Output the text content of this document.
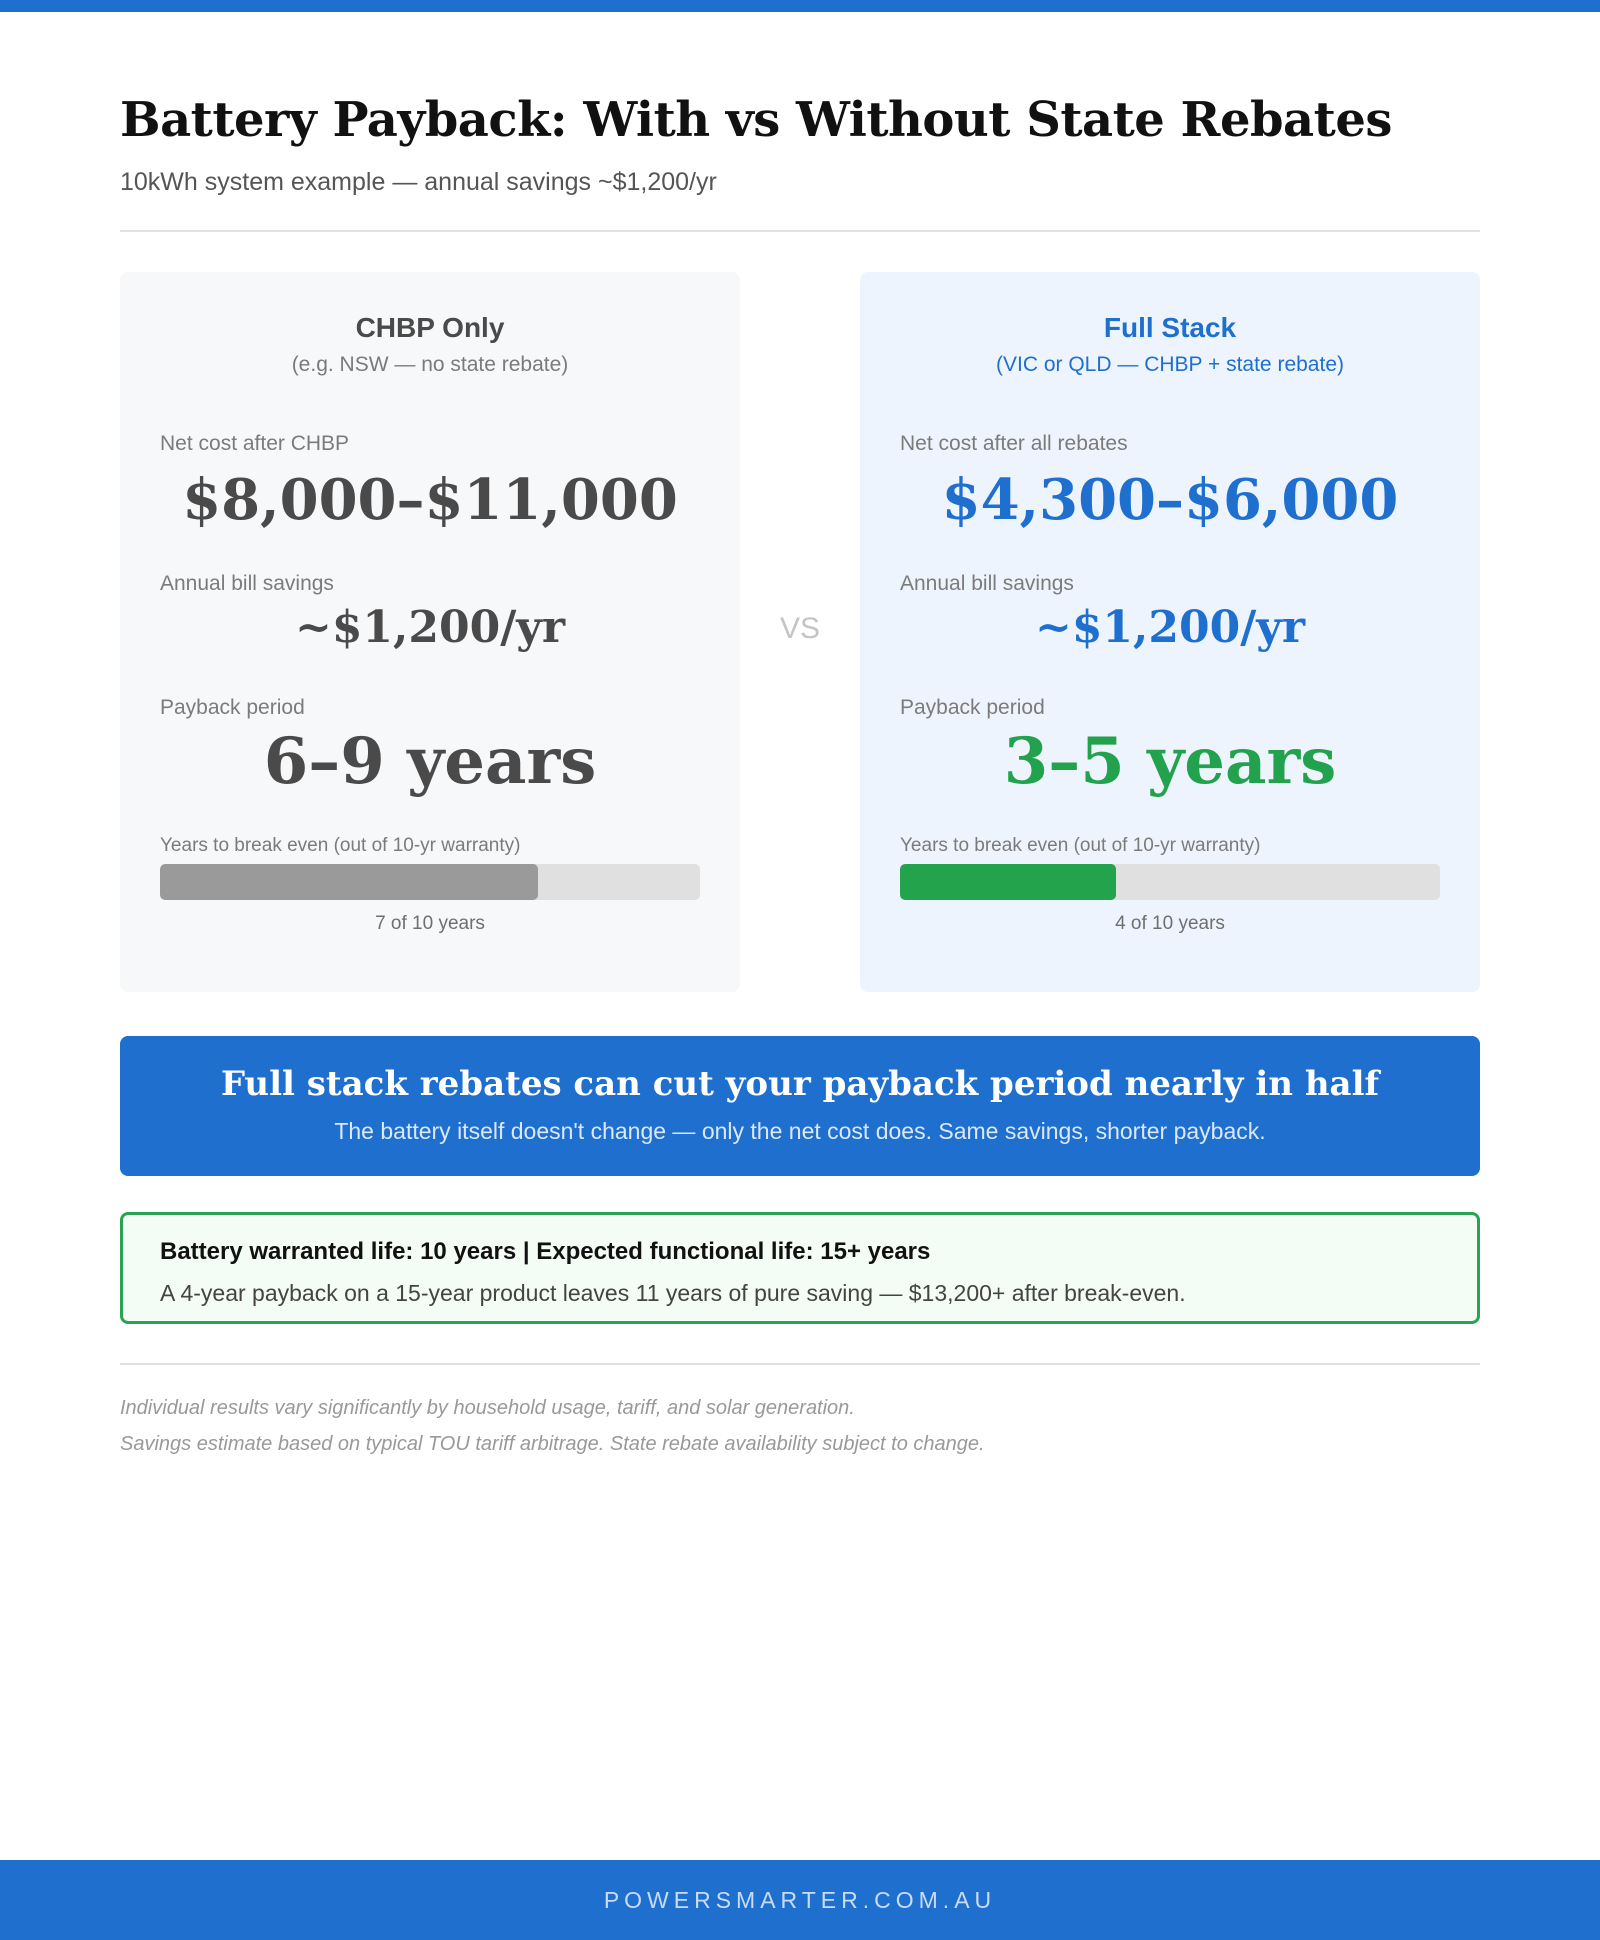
Battery Payback: With vs Without State Rebates
10kWh system example — annual savings ~$1,200/yr
CHBP Only
(e.g. NSW — no state rebate)
Net cost after CHBP
$8,000–$11,000
Annual bill savings
~$1,200/yr
Payback period
6–9 years
Years to break even (out of 10-yr warranty)
7 of 10 years
VS
Full Stack
(VIC or QLD — CHBP + state rebate)
Net cost after all rebates
$4,300–$6,000
Annual bill savings
~$1,200/yr
Payback period
3–5 years
Years to break even (out of 10-yr warranty)
4 of 10 years
Full stack rebates can cut your payback period nearly in half
The battery itself doesn't change — only the net cost does. Same savings, shorter payback.
Battery warranted life: 10 years | Expected functional life: 15+ years
A 4-year payback on a 15-year product leaves 11 years of pure saving — $13,200+ after break-even.
Individual results vary significantly by household usage, tariff, and solar generation.
Savings estimate based on typical TOU tariff arbitrage. State rebate availability subject to change.
POWERSMARTER.COM.AU
